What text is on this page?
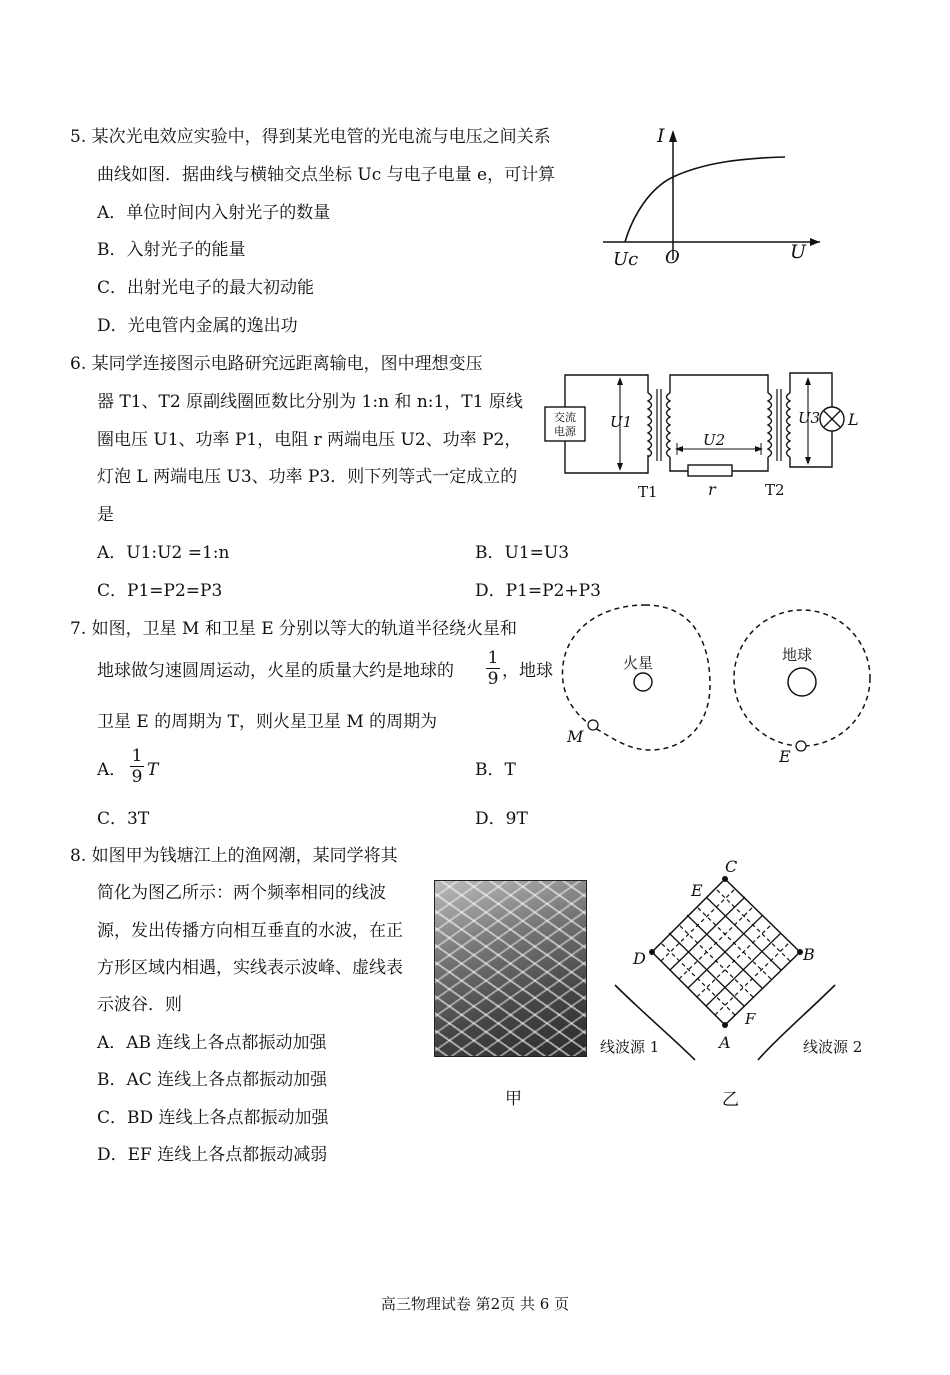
5. 某次光电效应实验中，得到某光电管的光电流与电压之间关系
曲线如图．据曲线与横轴交点坐标 Uc 与电子电量 e，可计算
A．单位时间内入射光子的数量
B．入射光子的能量
C．出射光电子的最大初动能
D．光电管内金属的逸出功
I
U
O
Uc
6. 某同学连接图示电路研究远距离输电，图中理想变压
器 T1、T2 原副线圈匝数比分别为 1:n 和 n:1，T1 原线
圈电压 U1、功率 P1，电阻 r 两端电压 U2、功率 P2，
灯泡 L 两端电压 U3、功率 P3．则下列等式一定成立的
是
A．U1:U2 =1:n	B．U1=U3
C．P1=P2=P3	D．P1=P2+P3
交流
电源
U1
r
U2
L
U3
T1	T2
7. 如图，卫星 M 和卫星 E 分别以等大的轨道半径绕火星和
地球做匀速圆周运动，火星的质量大约是地球的 $\frac{1}{9}$ ，地球
卫星 E 的周期为 T，则火星卫星 M 的周期为
A． $\frac{1}{9}$ T	B．T
C．3T	D．9T
火星
M
地球
E
8. 如图甲为钱塘江上的渔网潮，某同学将其
简化为图乙所示：两个频率相同的线波
源，发出传播方向相互垂直的水波，在正
方形区域内相遇，实线表示波峰、虚线表
示波谷．则
A．AB 连线上各点都振动加强
B．AC 连线上各点都振动加强
C．BD 连线上各点都振动加强
D．EF 连线上各点都振动减弱
甲	乙
A
B
C
D
E
F
线波源 1	线波源 2
高三物理试卷 第2页 共 6 页
